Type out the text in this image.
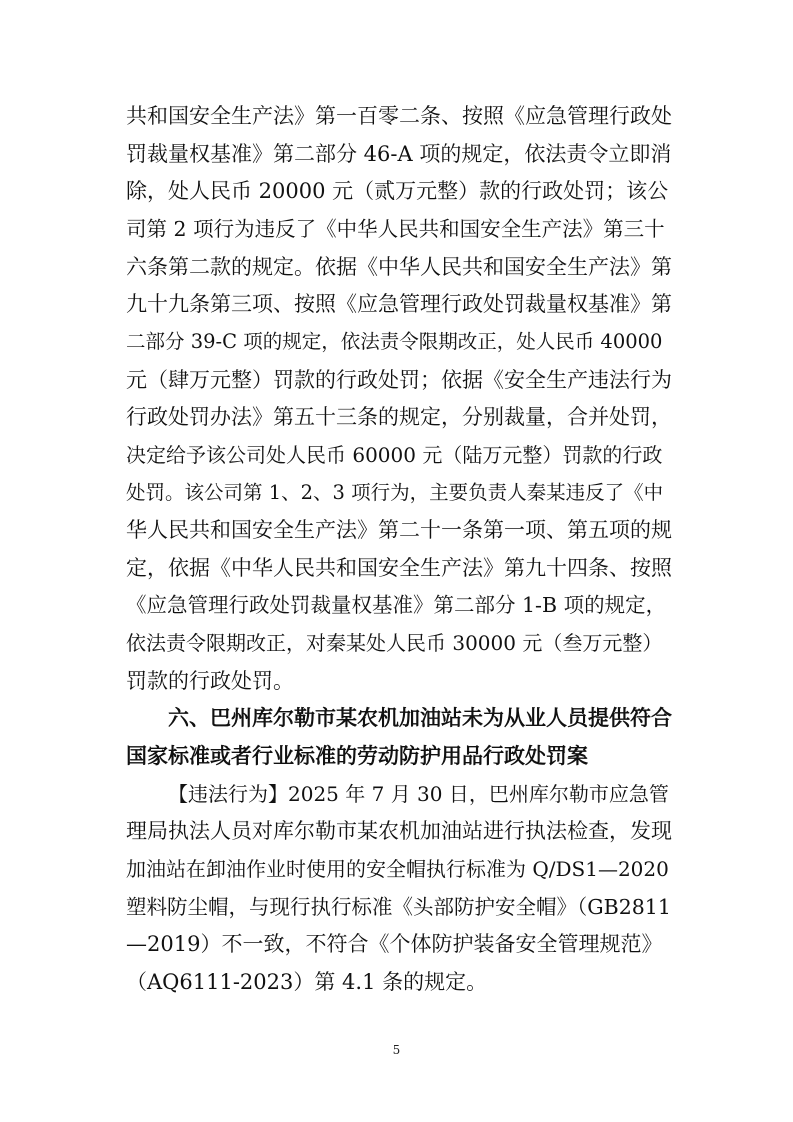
共和国安全生产法》第一百零二条、按照《应急管理行政处
罚裁量权基准》第二部分 46-A 项的规定，依法责令立即消
除，处人民币 20000 元（贰万元整）款的行政处罚；该公
司第 2 项行为违反了《中华人民共和国安全生产法》第三十
六条第二款的规定。依据《中华人民共和国安全生产法》第
九十九条第三项、按照《应急管理行政处罚裁量权基准》第
二部分 39-C 项的规定，依法责令限期改正，处人民币 40000
元（肆万元整）罚款的行政处罚；依据《安全生产违法行为
行政处罚办法》第五十三条的规定，分别裁量，合并处罚，
决定给予该公司处人民币 60000 元（陆万元整）罚款的行政
处罚。该公司第 1、2、3 项行为，主要负责人秦某违反了《中
华人民共和国安全生产法》第二十一条第一项、第五项的规
定，依据《中华人民共和国安全生产法》第九十四条、按照
《应急管理行政处罚裁量权基准》第二部分 1-B 项的规定，
依法责令限期改正，对秦某处人民币 30000 元（叁万元整）
罚款的行政处罚。
六、巴州库尔勒市某农机加油站未为从业人员提供符合
国家标准或者行业标准的劳动防护用品行政处罚案
【违法行为】2025 年 7 月 30 日，巴州库尔勒市应急管
理局执法人员对库尔勒市某农机加油站进行执法检查，发现
加油站在卸油作业时使用的安全帽执行标准为 Q/DS1—2020
塑料防尘帽，与现行执行标准《头部防护安全帽》（GB2811
—2019）不一致，不符合《个体防护装备安全管理规范》
（AQ6111-2023）第 4.1 条的规定。
5
